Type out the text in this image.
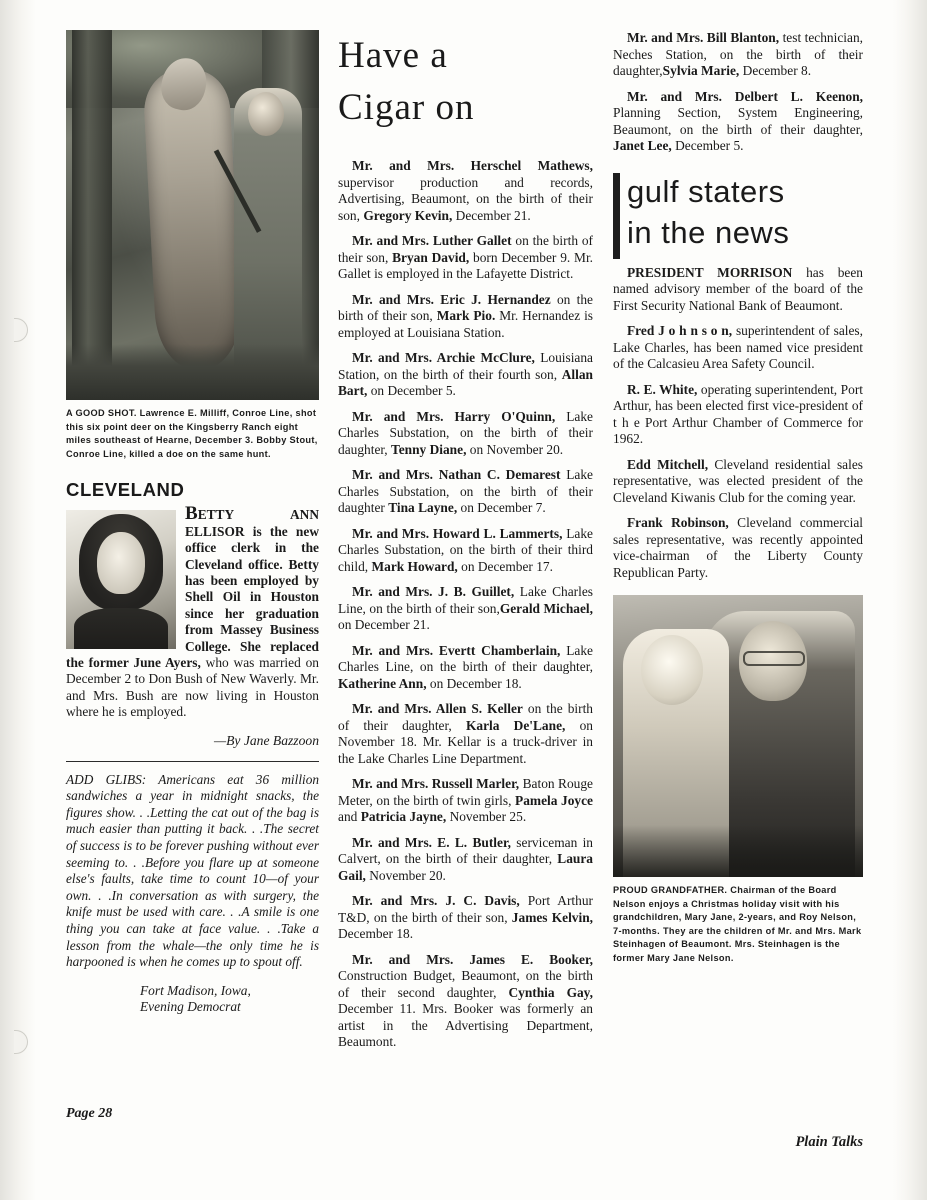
A GOOD SHOT. Lawrence E. Milliff, Conroe Line, shot this six point deer on the Kingsberry Ranch eight miles southeast of Hearne, December 3. Bobby Stout, Conroe Line, killed a doe on the same hunt.
CLEVELAND
BETTY ANN ELLISOR is the new office clerk in the Cleveland office. Betty has been employed by Shell Oil in Houston since her graduation from Massey Business College. She replaced the former June Ayers, who was married on December 2 to Don Bush of New Waverly. Mr. and Mrs. Bush are now living in Houston where he is employed.
—By Jane Bazzoon
ADD GLIBS: Americans eat 36 million sandwiches a year in midnight snacks, the figures show. . .Letting the cat out of the bag is much easier than putting it back. . .The secret of success is to be forever pushing without ever seeming to. . .Before you flare up at someone else's faults, take time to count 10—of your own. . .In conversation as with surgery, the knife must be used with care. . .A smile is one thing you can take at face value. . .Take a lesson from the whale—the only time he is harpooned is when he comes up to spout off.
Fort Madison, Iowa,
Evening Democrat
Have a
Cigar on

Mr. and Mrs. Herschel Mathews, supervisor production and records, Advertising, Beaumont, on the birth of their son, Gregory Kevin, December 21.

Mr. and Mrs. Luther Gallet on the birth of their son, Bryan David, born December 9. Mr. Gallet is employed in the Lafayette District.

Mr. and Mrs. Eric J. Hernandez on the birth of their son, Mark Pio. Mr. Hernandez is employed at Louisiana Station.

Mr. and Mrs. Archie McClure, Louisiana Station, on the birth of their fourth son, Allan Bart, on December 5.

Mr. and Mrs. Harry O'Quinn, Lake Charles Substation, on the birth of their daughter, Tenny Diane, on November 20.

Mr. and Mrs. Nathan C. Demarest Lake Charles Substation, on the birth of their daughter Tina Layne, on December 7.

Mr. and Mrs. Howard L. Lammerts, Lake Charles Substation, on the birth of their third child, Mark Howard, on December 17.

Mr. and Mrs. J. B. Guillet, Lake Charles Line, on the birth of their son,Gerald Michael, on December 21.

Mr. and Mrs. Evertt Chamberlain, Lake Charles Line, on the birth of their daughter, Katherine Ann, on December 18.

Mr. and Mrs. Allen S. Keller on the birth of their daughter, Karla De'Lane, on November 18. Mr. Kellar is a truck-driver in the Lake Charles Line Department.

Mr. and Mrs. Russell Marler, Baton Rouge Meter, on the birth of twin girls, Pamela Joyce and Patricia Jayne, November 25.

Mr. and Mrs. E. L. Butler, serviceman in Calvert, on the birth of their daughter, Laura Gail, November 20.

Mr. and Mrs. J. C. Davis, Port Arthur T&D, on the birth of their son, James Kelvin, December 18.

Mr. and Mrs. James E. Booker, Construction Budget, Beaumont, on the birth of their second daughter, Cynthia Gay, December 11. Mrs. Booker was formerly an artist in the Advertising Department, Beaumont.

Mr. and Mrs. Bill Blanton, test technician, Neches Station, on the birth of their daughter,Sylvia Marie, December 8.

Mr. and Mrs. Delbert L. Keenon, Planning Section, System Engineering, Beaumont, on the birth of their daughter, Janet Lee, December 5.

gulf staters
in the news

PRESIDENT MORRISON has been named advisory member of the board of the First Security National Bank of Beaumont.

Fred J o h n s o n, superintendent of sales, Lake Charles, has been named vice president of the Calcasieu Area Safety Council.

R. E. White, operating superintendent, Port Arthur, has been elected first vice-president of t h e Port Arthur Chamber of Commerce for 1962.

Edd Mitchell, Cleveland residential sales representative, was elected president of the Cleveland Kiwanis Club for the coming year.

Frank Robinson, Cleveland commercial sales representative, was recently appointed vice-chairman of the Liberty County Republican Party.

PROUD GRANDFATHER. Chairman of the Board Nelson enjoys a Christmas holiday visit with his grandchildren, Mary Jane, 2-years, and Roy Nelson, 7-months. They are the children of Mr. and Mrs. Mark Steinhagen of Beaumont. Mrs. Steinhagen is the former Mary Jane Nelson.
Page 28
Plain Talks
